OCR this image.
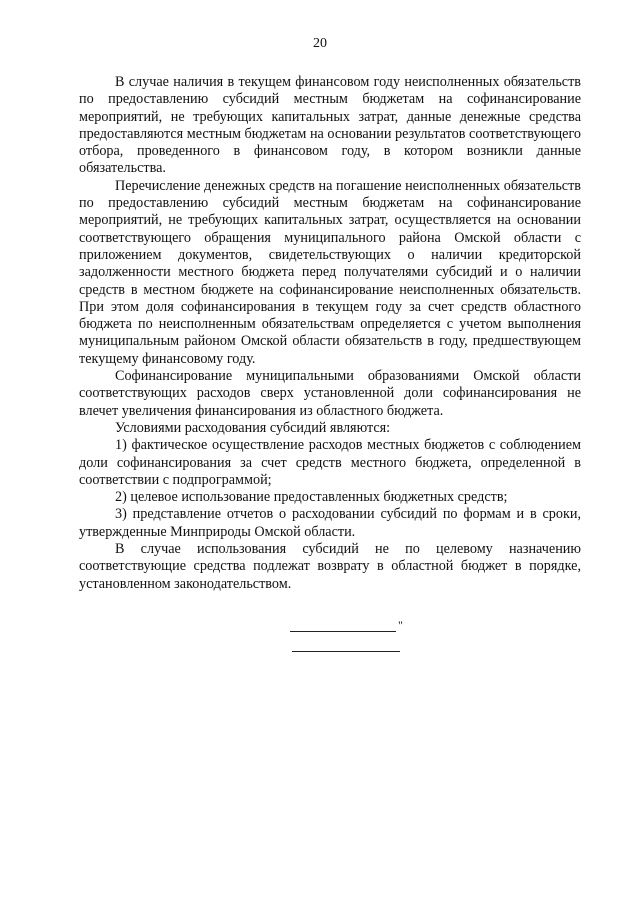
20

В случае наличия в текущем финансовом году неисполненных обязательств по предоставлению субсидий местным бюджетам на софинансирование мероприятий, не требующих капитальных затрат, данные денежные средства предоставляются местным бюджетам на основании результатов соответствующего отбора, проведенного в финансовом году, в котором возникли данные обязательства.

Перечисление денежных средств на погашение неисполненных обязательств по предоставлению субсидий местным бюджетам на софинансирование мероприятий, не требующих капитальных затрат, осуществляется на основании соответствующего обращения муниципального района Омской области с приложением документов, свидетельствующих о наличии кредиторской задолженности местного бюджета перед получателями субсидий и о наличии средств в местном бюджете на софинансирование неисполненных обязательств. При этом доля софинансирования в текущем году за счет средств областного бюджета по неисполненным обязательствам определяется с учетом выполнения муниципальным районом Омской области обязательств в году, предшествующем текущему финансовому году.

Софинансирование муниципальными образованиями Омской области соответствующих расходов сверх установленной доли софинансирования не влечет увеличения финансирования из областного бюджета.

Условиями расходования субсидий являются:

1) фактическое осуществление расходов местных бюджетов с соблюдением доли софинансирования за счет средств местного бюджета, определенной в соответствии с подпрограммой;

2) целевое использование предоставленных бюджетных средств;

3) представление отчетов о расходовании субсидий по формам и в сроки, утвержденные Минприроды Омской области.

В случае использования субсидий не по целевому назначению соответствующие средства подлежат возврату в областной бюджет в порядке, установленном законодательством.

"
